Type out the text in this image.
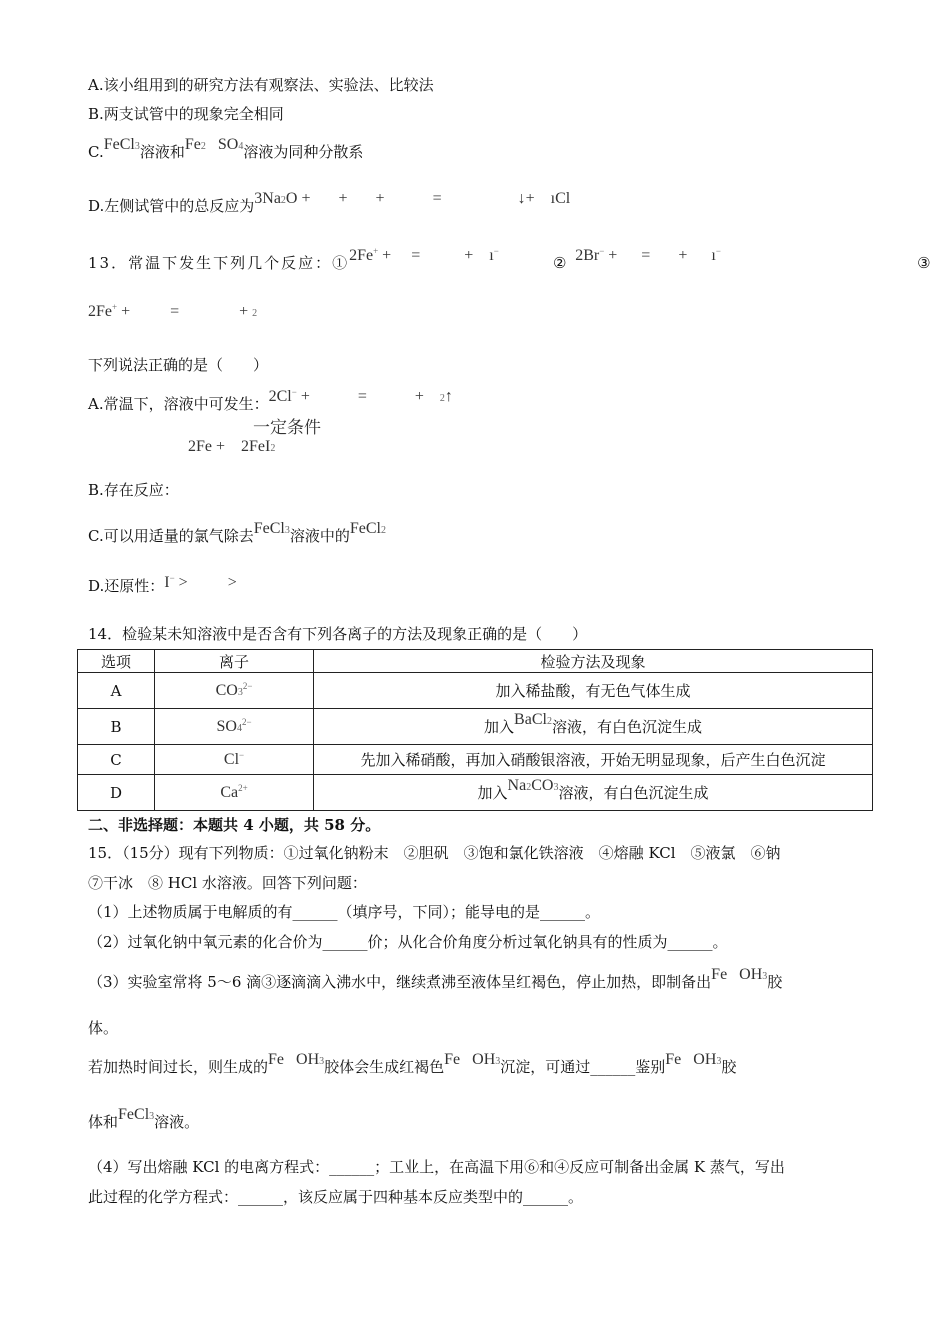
A.该小组用到的研究方法有观察法、实验法、比较法
B.两支试管中的现象完全相同
C.FeCl3溶液和Fe2 SO4溶液为同种分散系
D.左侧试管中的总反应为3Na2O + + +	=	↓+ ıCl
13．常温下发生下列几个反应：①2Fe+ + =	+ ı−        ② 2Br− + = + ı−                             ③
2Fe+ +	=	+ 2
下列说法正确的是（　　）
A.常温下，溶液中可发生：2Cl− +	=	+ 2↑
2Fe +       一定条件2FeI2
B.存在反应：
C.可以用适量的氯气除去FeCl3溶液中的FeCl2
D.还原性：I− >	>
14．检验某未知溶液中是否含有下列各离子的方法及现象正确的是（　　）
选项	离子	检验方法及现象
A	$CO3^{2-}$	加入稀盐酸，有无色气体生成
B	$SO4^{2-}$	加入BaCl2溶液，有白色沉淀生成
C	Cl−	先加入稀硝酸，再加入硝酸银溶液，开始无明显现象，后产生白色沉淀
D	$Ca^{2+}$	加入Na2CO3溶液，有白色沉淀生成
二、非选择题：本题共 4 小题，共 58 分。
15．（15分）现有下列物质：①过氧化钠粉末　②胆矾　③饱和氯化铁溶液　④熔融 KCl　⑤液氯　⑥钠
⑦干冰　⑧ HCl 水溶液。回答下列问题：
（1）上述物质属于电解质的有______（填序号，下同）；能导电的是______。
（2）过氧化钠中氧元素的化合价为______价；从化合价角度分析过氧化钠具有的性质为______。
（3）实验室常将 5～6 滴③逐滴滴入沸水中，继续煮沸至液体呈红褐色，停止加热，即制备出Fe OH3胶
体。
若加热时间过长，则生成的Fe OH3胶体会生成红褐色Fe OH3沉淀，可通过______鉴别Fe OH3胶
体和FeCl3溶液。
（4）写出熔融 KCl 的电离方程式：______；工业上，在高温下用⑥和④反应可制备出金属 K 蒸气，写出
此过程的化学方程式：______，该反应属于四种基本反应类型中的______。
